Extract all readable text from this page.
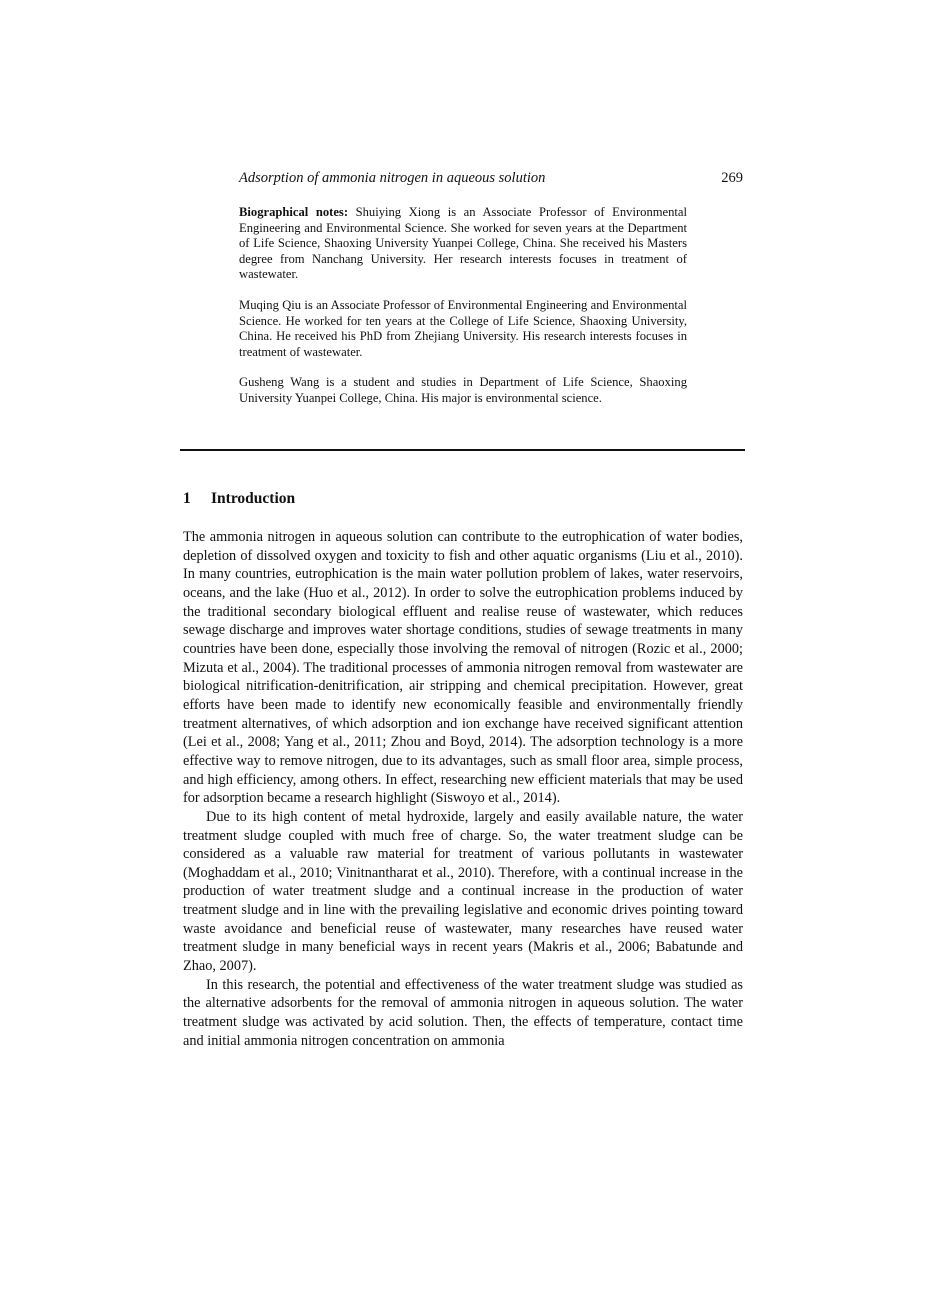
Adsorption of ammonia nitrogen in aqueous solution	269

Biographical notes: Shuiying Xiong is an Associate Professor of Environmental Engineering and Environmental Science. She worked for seven years at the Department of Life Science, Shaoxing University Yuanpei College, China. She received his Masters degree from Nanchang University. Her research interests focuses in treatment of wastewater.

Muqing Qiu is an Associate Professor of Environmental Engineering and Environmental Science. He worked for ten years at the College of Life Science, Shaoxing University, China. He received his PhD from Zhejiang University. His research interests focuses in treatment of wastewater.

Gusheng Wang is a student and studies in Department of Life Science, Shaoxing University Yuanpei College, China. His major is environmental science.

1 Introduction

The ammonia nitrogen in aqueous solution can contribute to the eutrophication of water bodies, depletion of dissolved oxygen and toxicity to fish and other aquatic organisms (Liu et al., 2010). In many countries, eutrophication is the main water pollution problem of lakes, water reservoirs, oceans, and the lake (Huo et al., 2012). In order to solve the eutrophication problems induced by the traditional secondary biological effluent and realise reuse of wastewater, which reduces sewage discharge and improves water shortage conditions, studies of sewage treatments in many countries have been done, especially those involving the removal of nitrogen (Rozic et al., 2000; Mizuta et al., 2004). The traditional processes of ammonia nitrogen removal from wastewater are biological nitrification-denitrification, air stripping and chemical precipitation. However, great efforts have been made to identify new economically feasible and environmentally friendly treatment alternatives, of which adsorption and ion exchange have received significant attention (Lei et al., 2008; Yang et al., 2011; Zhou and Boyd, 2014). The adsorption technology is a more effective way to remove nitrogen, due to its advantages, such as small floor area, simple process, and high efficiency, among others. In effect, researching new efficient materials that may be used for adsorption became a research highlight (Siswoyo et al., 2014).

Due to its high content of metal hydroxide, largely and easily available nature, the water treatment sludge coupled with much free of charge. So, the water treatment sludge can be considered as a valuable raw material for treatment of various pollutants in wastewater (Moghaddam et al., 2010; Vinitnantharat et al., 2010). Therefore, with a continual increase in the production of water treatment sludge and a continual increase in the production of water treatment sludge and in line with the prevailing legislative and economic drives pointing toward waste avoidance and beneficial reuse of wastewater, many researches have reused water treatment sludge in many beneficial ways in recent years (Makris et al., 2006; Babatunde and Zhao, 2007).

In this research, the potential and effectiveness of the water treatment sludge was studied as the alternative adsorbents for the removal of ammonia nitrogen in aqueous solution. The water treatment sludge was activated by acid solution. Then, the effects of temperature, contact time and initial ammonia nitrogen concentration on ammonia
